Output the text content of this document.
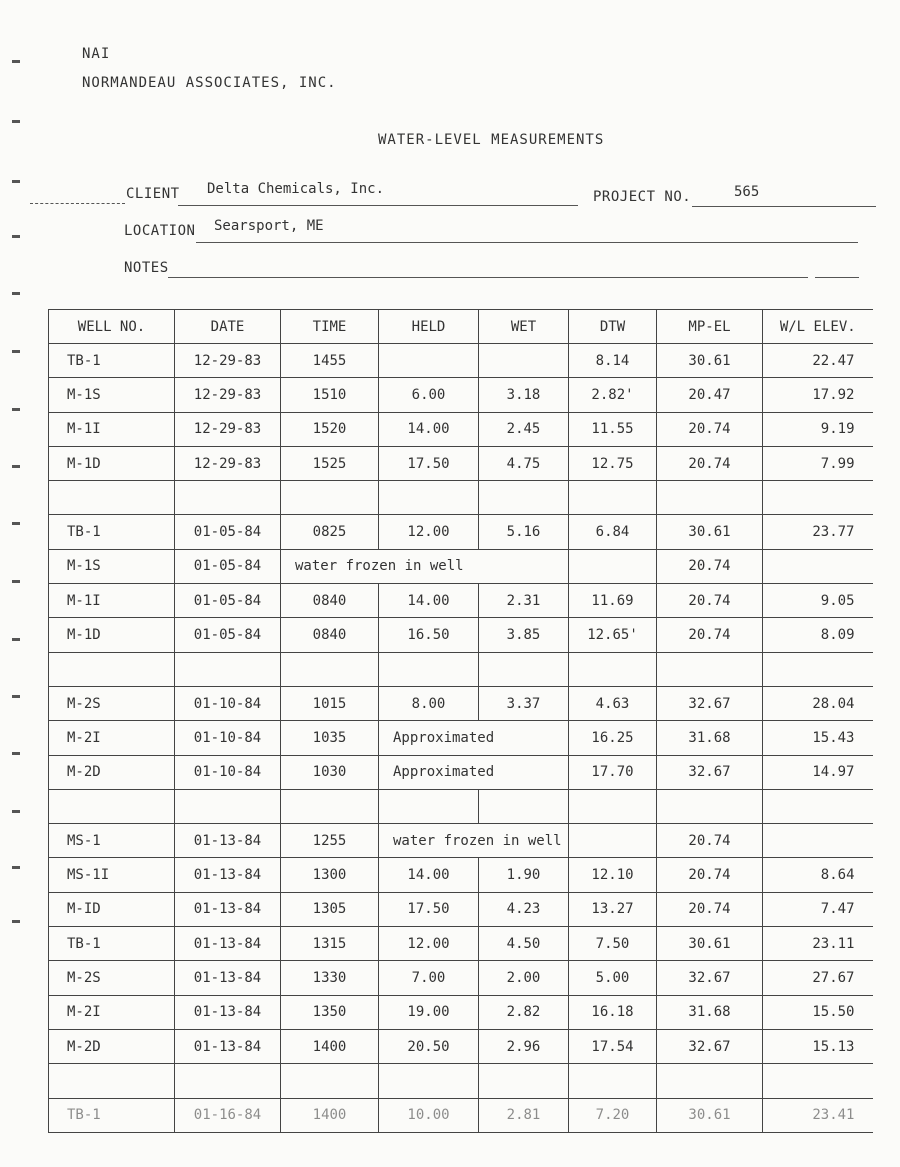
NAI
NORMANDEAU ASSOCIATES, INC.
WATER-LEVEL MEASUREMENTS
CLIENT Delta Chemicals, Inc.	PROJECT NO.	565
LOCATION Searsport, ME
NOTES
WELL NO.	DATE	TIME	HELD	WET	DTW	MP-EL	W/L ELEV.
TB-1	12-29-83	1455			8.14	30.61	22.47
M-1S	12-29-83	1510	6.00	3.18	2.82'	20.47	17.92
M-1I	12-29-83	1520	14.00	2.45	11.55	20.74	9.19
M-1D	12-29-83	1525	17.50	4.75	12.75	20.74	7.99

TB-1	01-05-84	0825	12.00	5.16	6.84	30.61	23.77
M-1S	01-05-84	water frozen in well				20.74	
M-1I	01-05-84	0840	14.00	2.31	11.69	20.74	9.05
M-1D	01-05-84	0840	16.50	3.85	12.65'	20.74	8.09

M-2S	01-10-84	1015	8.00	3.37	4.63	32.67	28.04
M-2I	01-10-84	1035	Approximated		16.25	31.68	15.43
M-2D	01-10-84	1030	Approximated		17.70	32.67	14.97

MS-1	01-13-84	1255	water frozen in well			20.74	
MS-1I	01-13-84	1300	14.00	1.90	12.10	20.74	8.64
M-ID	01-13-84	1305	17.50	4.23	13.27	20.74	7.47
TB-1	01-13-84	1315	12.00	4.50	7.50	30.61	23.11
M-2S	01-13-84	1330	7.00	2.00	5.00	32.67	27.67
M-2I	01-13-84	1350	19.00	2.82	16.18	31.68	15.50
M-2D	01-13-84	1400	20.50	2.96	17.54	32.67	15.13

TB-1	01-16-84	1400	10.00	2.81	7.20	30.61	23.41
